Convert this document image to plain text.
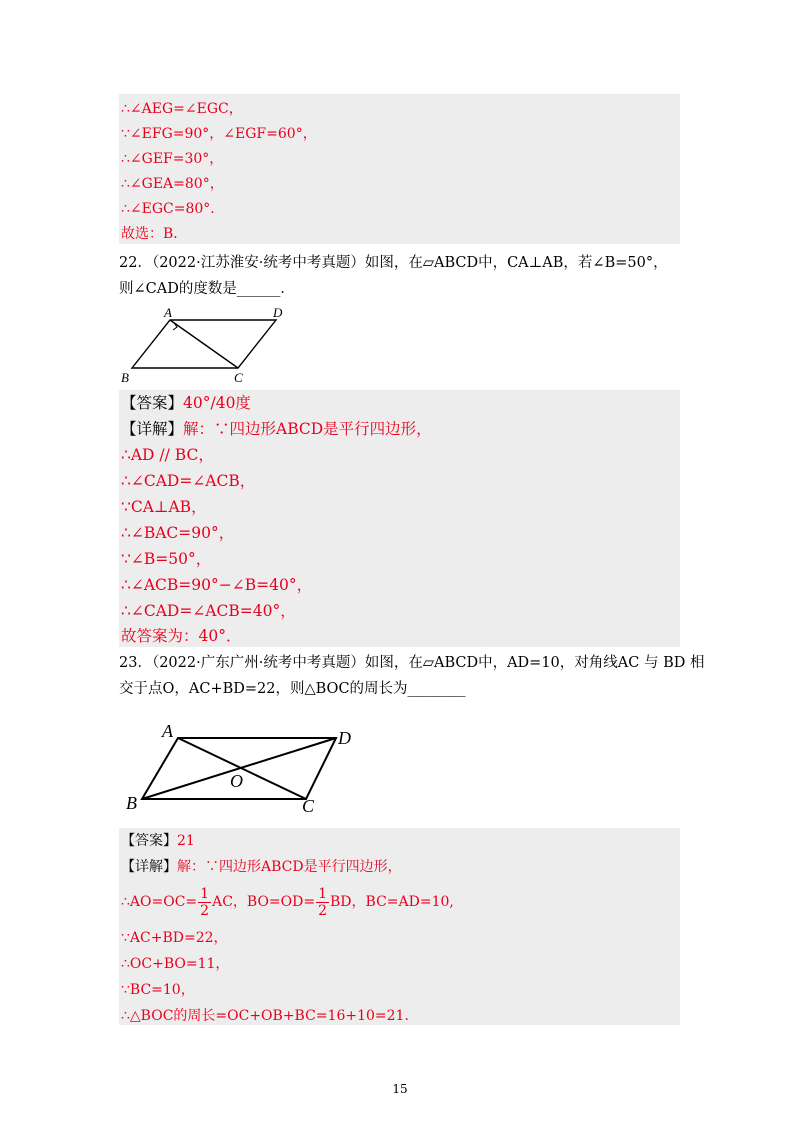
∴∠AEG=∠EGC，
∵∠EFG=90°，∠EGF=60°，
∴∠GEF=30°，
∴∠GEA=80°，
∴∠EGC=80°.
故选：B．
22．（2022·江苏淮安·统考中考真题）如图，在▱ABCD中，CA⊥AB，若∠B=50°，
则∠CAD的度数是______．
A	D
B	C
【答案】40°/40度
【详解】解：∵四边形ABCD是平行四边形，
∴AD // BC，
∴∠CAD=∠ACB，
∵CA⊥AB，
∴∠BAC=90°，
∵∠B=50°，
∴∠ACB=90°−∠B=40°，
∴∠CAD=∠ACB=40°，
故答案为：40°．
23．（2022·广东广州·统考中考真题）如图，在▱ABCD中，AD=10，对角线AC 与 BD 相
交于点O，AC+BD=22，则△BOC的周长为________
A	D
B	C
O
【答案】21
【详解】解：∵四边形ABCD是平行四边形，
∴AO=OC= $\frac{1}{2}$ AC，$BO=OD= \frac{1}{2}$ BD，BC=AD=10,
∵AC+BD=22，
∴OC+BO=11，
∵BC=10，
∴△BOC的周长=OC+OB+BC=16+10=21．
15
